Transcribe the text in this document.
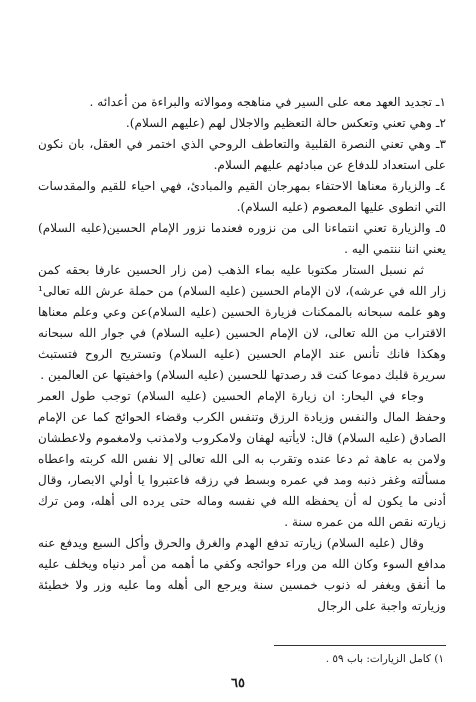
١ـ تجديد العهد معه على السير في مناهجه وموالاته والبراءة من أعدائه .

٢ـ وهي تعني وتعكس حالة التعظيم والاجلال لهم (عليهم السلام).

٣ـ وهي تعني النصرة القلبية والتعاطف الروحي الذي اختمر في العقل، بان نكون على استعداد للدفاع عن مبادئهم عليهم السلام.

٤ـ والزيارة معناها الاحتفاء بمهرجان القيم والمبادئ، فهي احياء للقيم والمقدسات التي انطوى عليها المعصوم (عليه السلام).

٥ـ والزيارة تعني انتماءنا الى من نزوره فعندما نزور الإمام الحسين(عليه السلام) يعني اننا ننتمي اليه .

ثم نسبل الستار مكتوبا عليه بماء الذهب (من زار الحسين عارفا بحقه كمن زار الله في عرشه)، لان الإمام الحسين (عليه السلام) من حملة عرش الله تعالى¹ وهو علمه سبحانه بالممكنات فزيارة الحسين (عليه السلام)عن وعي وعلم معناها الاقتراب من الله تعالى، لان الإمام الحسين (عليه السلام) في جوار الله سبحانه وهكذا فانك تأنس عند الإمام الحسين (عليه السلام) وتستريح الروح فتستبث سريرة قلبك دموعا كنت قد رصدتها للحسين (عليه السلام) واخفيتها عن العالمين .

وجاء في البحار: ان زيارة الإمام الحسين (عليه السلام) توجب طول العمر وحفظ المال والنفس وزيادة الرزق وتنفس الكرب وقضاء الحوائج كما عن الإمام الصادق (عليه السلام) قال: لايأتيه لهفان ولامكروب ولامذنب ولامغموم ولاعطشان ولامن به عاهة ثم دعا عنده وتقرب به الى الله تعالى إلا نفس الله كربته واعطاه مسألته وغفر ذنبه ومد في عمره وبسط في رزقه فاعتبروا يا أولي الابصار، وقال أدنى ما يكون له أن يحفظه الله في نفسه وماله حتى يرده الى أهله، ومن ترك زيارته نقص الله من عمره سنة .

وقال (عليه السلام) زيارته تدفع الهدم والغرق والحرق وأكل السبع ويدفع عنه مدافع السوء وكان الله من وراء حوائجه وكفي ما أهمه من أمر دنياه ويخلف عليه ما أنفق ويغفر له ذنوب خمسين سنة ويرجع الى أهله وما عليه وزر ولا خطيئة وزيارته واجبة على الرجال

١) كامل الزيارات: باب ٥٩ .
٦٥
